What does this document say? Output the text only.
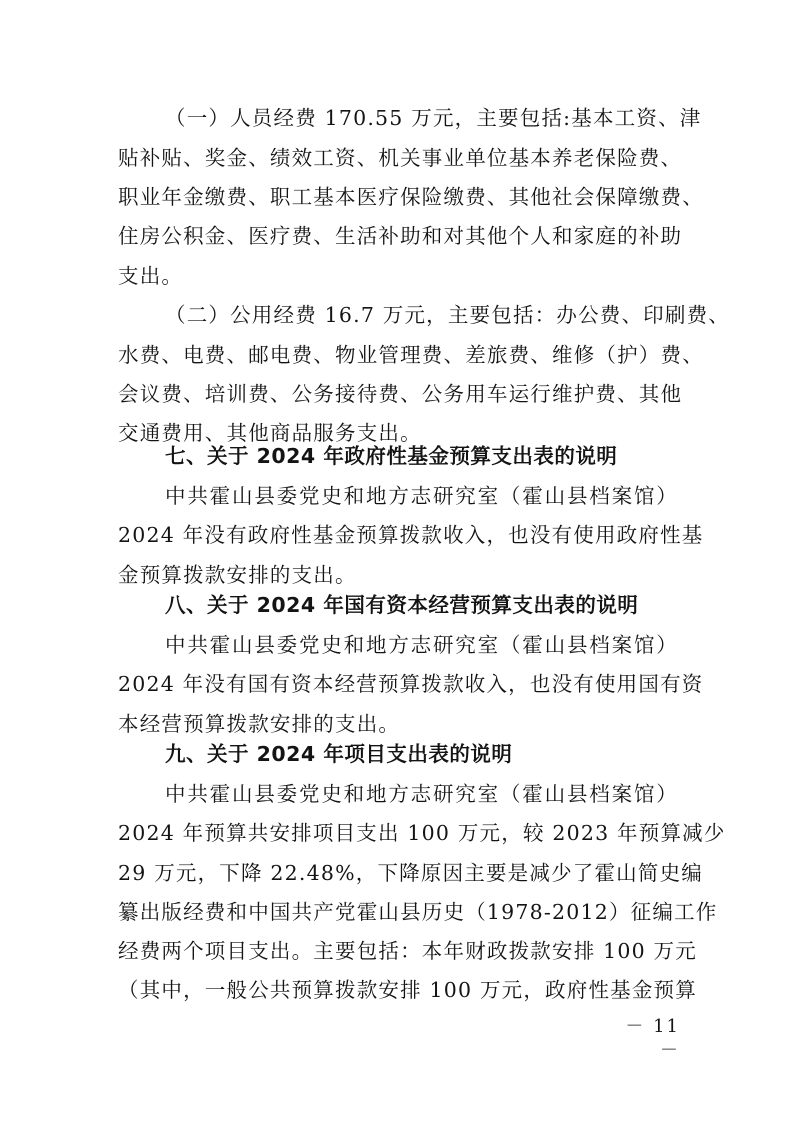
（一）人员经费 170.55 万元，主要包括:基本工资、津
贴补贴、奖金、绩效工资、机关事业单位基本养老保险费、
职业年金缴费、职工基本医疗保险缴费、其他社会保障缴费、
住房公积金、医疗费、生活补助和对其他个人和家庭的补助
支出。
（二）公用经费 16.7 万元，主要包括：办公费、印刷费、
水费、电费、邮电费、物业管理费、差旅费、维修（护）费、
会议费、培训费、公务接待费、公务用车运行维护费、其他
交通费用、其他商品服务支出。
七、关于 2024 年政府性基金预算支出表的说明
中共霍山县委党史和地方志研究室（霍山县档案馆）
2024 年没有政府性基金预算拨款收入，也没有使用政府性基
金预算拨款安排的支出。
八、关于 2024 年国有资本经营预算支出表的说明
中共霍山县委党史和地方志研究室（霍山县档案馆）
2024 年没有国有资本经营预算拨款收入，也没有使用国有资
本经营预算拨款安排的支出。
九、关于 2024 年项目支出表的说明
中共霍山县委党史和地方志研究室（霍山县档案馆）
2024 年预算共安排项目支出 100 万元，较 2023 年预算减少
29 万元，下降 22.48%，下降原因主要是减少了霍山简史编
纂出版经费和中国共产党霍山县历史（1978-2012）征编工作
经费两个项目支出。主要包括：本年财政拨款安排 100 万元
（其中，一般公共预算拨款安排 100 万元，政府性基金预算
－ 11 －
